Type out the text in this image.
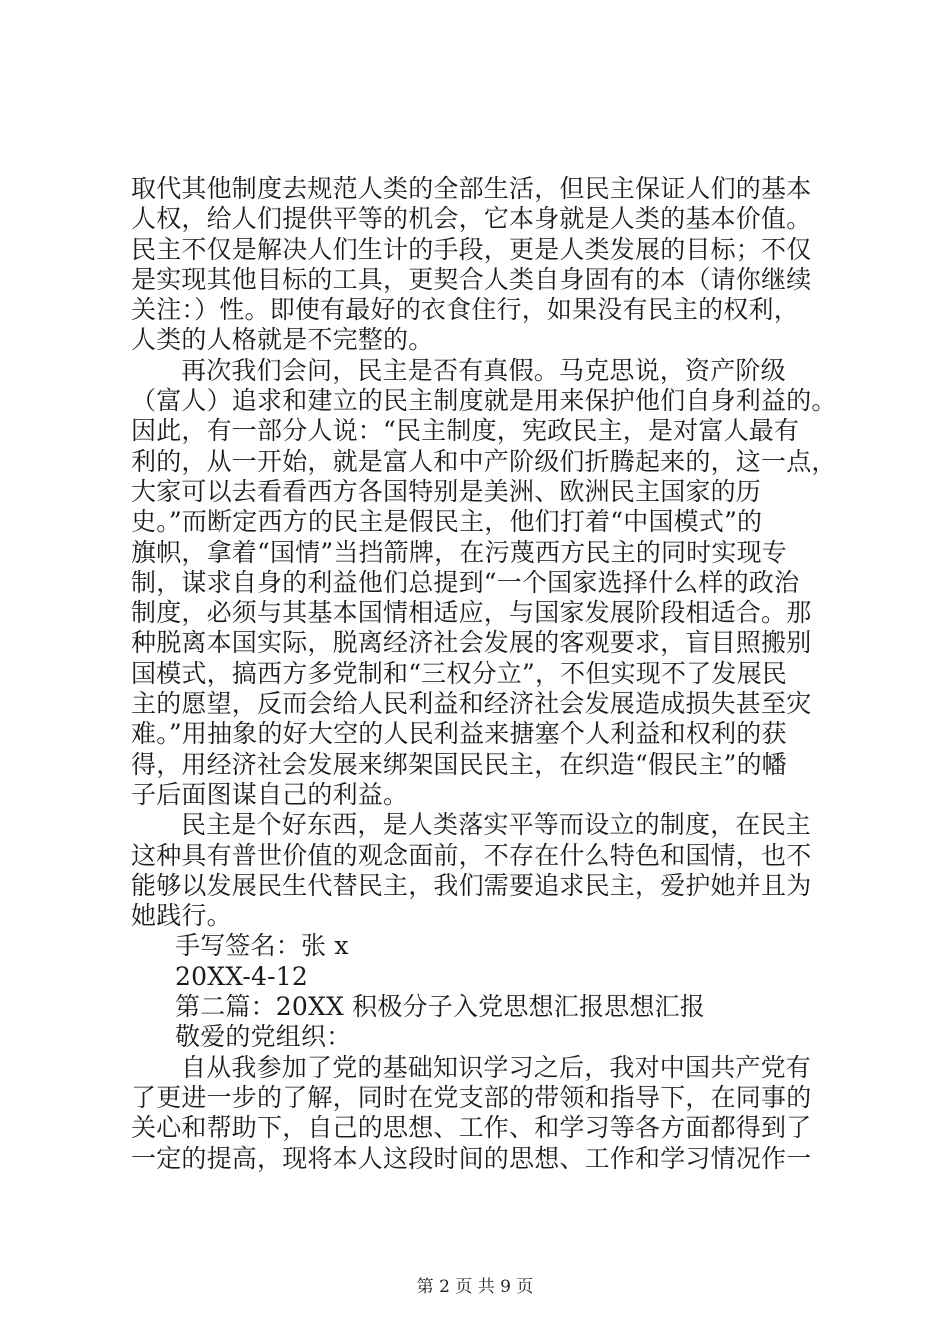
取代其他制度去规范人类的全部生活，但民主保证人们的基本
人权，给人们提供平等的机会，它本身就是人类的基本价值。
民主不仅是解决人们生计的手段，更是人类发展的目标；不仅
是实现其他目标的工具，更契合人类自身固有的本（请你继续
关注：）性。即使有最好的衣食住行，如果没有民主的权利，
人类的人格就是不完整的。
再次我们会问，民主是否有真假。马克思说，资产阶级
（富人）追求和建立的民主制度就是用来保护他们自身利益的。
因此，有一部分人说：“民主制度，宪政民主，是对富人最有
利的，从一开始，就是富人和中产阶级们折腾起来的，这一点，
大家可以去看看西方各国特别是美洲、欧洲民主国家的历
史。”而断定西方的民主是假民主，他们打着“中国模式”的
旗帜，拿着“国情”当挡箭牌，在污蔑西方民主的同时实现专
制，谋求自身的利益他们总提到“一个国家选择什么样的政治
制度，必须与其基本国情相适应，与国家发展阶段相适合。那
种脱离本国实际，脱离经济社会发展的客观要求，盲目照搬别
国模式，搞西方多党制和“三权分立”，不但实现不了发展民
主的愿望，反而会给人民利益和经济社会发展造成损失甚至灾
难。”用抽象的好大空的人民利益来搪塞个人利益和权利的获
得，用经济社会发展来绑架国民民主，在织造“假民主”的幡
子后面图谋自己的利益。
民主是个好东西，是人类落实平等而设立的制度，在民主
这种具有普世价值的观念面前，不存在什么特色和国情，也不
能够以发展民生代替民主，我们需要追求民主，爱护她并且为
她践行。
手写签名：张 x
20XX-4-12
第二篇：20XX 积极分子入党思想汇报思想汇报
敬爱的党组织：
自从我参加了党的基础知识学习之后，我对中国共产党有
了更进一步的了解，同时在党支部的带领和指导下，在同事的
关心和帮助下，自己的思想、工作、和学习等各方面都得到了
一定的提高，现将本人这段时间的思想、工作和学习情况作一
第 2 页 共 9 页
